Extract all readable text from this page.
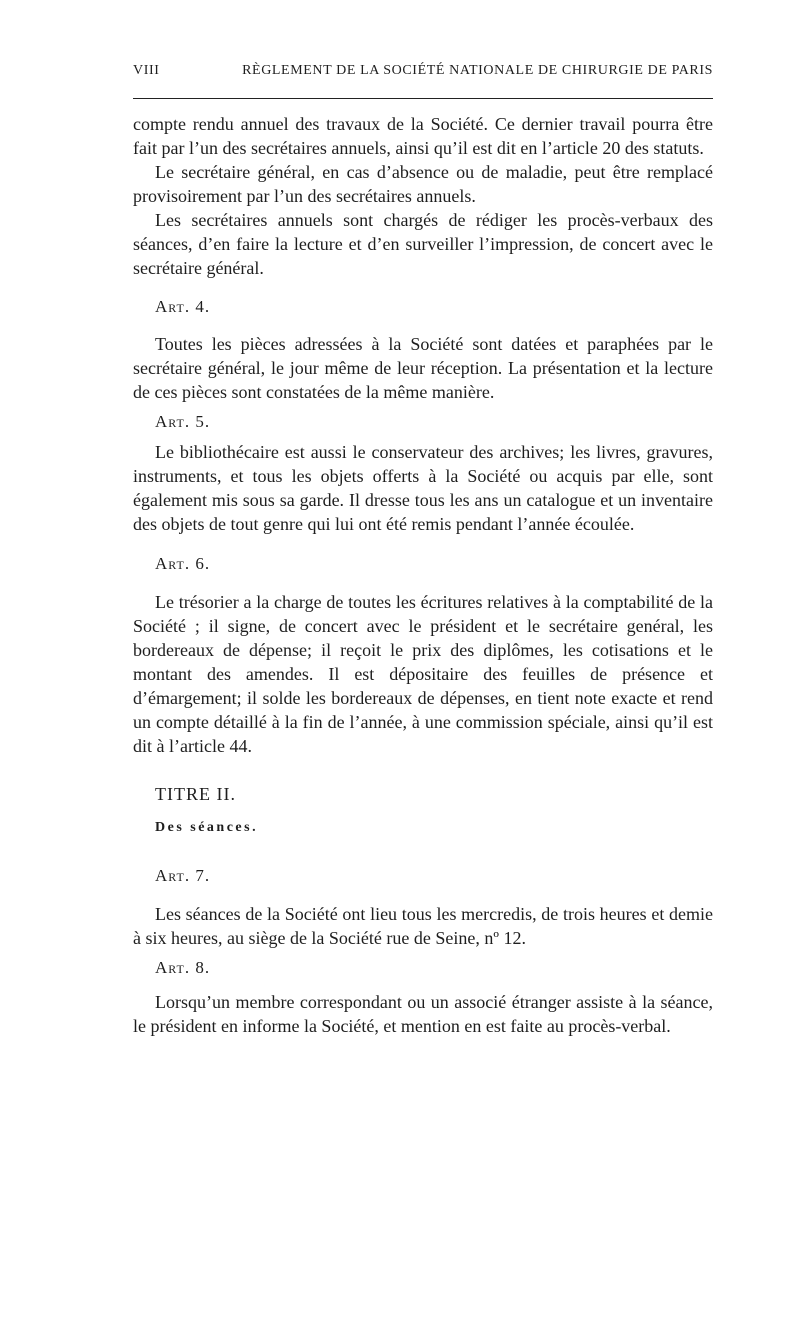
VIII	RÈGLEMENT DE LA SOCIÉTÉ NATIONALE DE CHIRURGIE DE PARIS

compte rendu annuel des travaux de la Société. Ce dernier travail pourra être fait par l’un des secrétaires annuels, ainsi qu’il est dit en l’article 20 des statuts.

Le secrétaire général, en cas d’absence ou de maladie, peut être remplacé provisoirement par l’un des secrétaires annuels.

Les secrétaires annuels sont chargés de rédiger les procès-verbaux des séances, d’en faire la lecture et d’en surveiller l’impression, de concert avec le secrétaire général.

Art. 4.

Toutes les pièces adressées à la Société sont datées et paraphées par le secrétaire général, le jour même de leur réception. La présentation et la lecture de ces pièces sont constatées de la même manière.

Art. 5.

Le bibliothécaire est aussi le conservateur des archives; les livres, gravures, instruments, et tous les objets offerts à la Société ou acquis par elle, sont également mis sous sa garde. Il dresse tous les ans un catalogue et un inventaire des objets de tout genre qui lui ont été remis pendant l’année écoulée.

Art. 6.

Le trésorier a la charge de toutes les écritures relatives à la comptabilité de la Société ; il signe, de concert avec le président et le secrétaire genéral, les bordereaux de dépense; il reçoit le prix des diplômes, les cotisations et le montant des amendes. Il est dépositaire des feuilles de présence et d’émargement; il solde les bordereaux de dépenses, en tient note exacte et rend un compte détaillé à la fin de l’année, à une commission spéciale, ainsi qu’il est dit à l’article 44.

TITRE II.

Des séances.

Art. 7.

Les séances de la Société ont lieu tous les mercredis, de trois heures et demie à six heures, au siège de la Société rue de Seine, nº 12.

Art. 8.

Lorsqu’un membre correspondant ou un associé étranger assiste à la séance, le président en informe la Société, et mention en est faite au procès-verbal.
